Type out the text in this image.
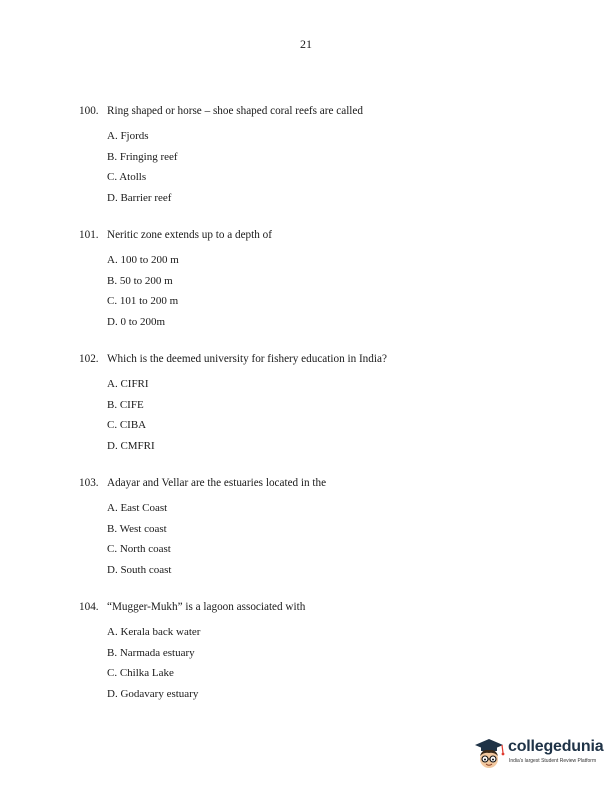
21
100. Ring shaped or horse – shoe shaped coral reefs are called
A. Fjords
B. Fringing reef
C. Atolls
D. Barrier reef
101. Neritic zone extends up to a depth of
A. 100 to 200 m
B. 50 to 200 m
C. 101 to 200 m
D. 0 to 200m
102. Which is the deemed university for fishery education in India?
A. CIFRI
B. CIFE
C. CIBA
D. CMFRI
103. Adayar and Vellar are the estuaries located in the
A. East Coast
B. West coast
C. North coast
D. South coast
104. “Mugger-Mukh” is a lagoon associated with
A. Kerala back water
B. Narmada estuary
C. Chilka Lake
D. Godavary estuary
collegedunia
India's largest Student Review Platform
